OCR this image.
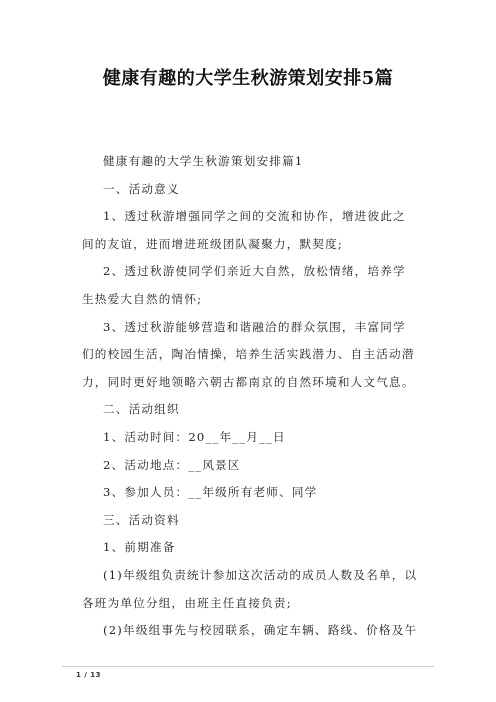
健康有趣的大学生秋游策划安排5篇
健康有趣的大学生秋游策划安排篇1
一、活动意义
1、透过秋游增强同学之间的交流和协作，增进彼此之
间的友谊，进而增进班级团队凝聚力，默契度;
2、透过秋游使同学们亲近大自然，放松情绪，培养学
生热爱大自然的情怀;
3、透过秋游能够营造和谐融洽的群众氛围，丰富同学
们的校园生活，陶冶情操，培养生活实践潜力、自主活动潜
力，同时更好地领略六朝古都南京的自然环境和人文气息。
二、活动组织
1、活动时间：20__年__月__日
2、活动地点：__风景区
3、参加人员：__年级所有老师、同学
三、活动资料
1、前期准备
(1)年级组负责统计参加这次活动的成员人数及名单，以
各班为单位分组，由班主任直接负责;
(2)年级组事先与校园联系，确定车辆、路线、价格及午
1 / 13
